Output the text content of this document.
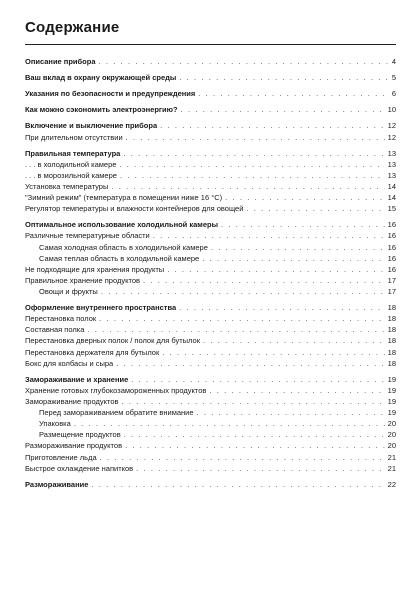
Содержание
Описание прибора . . .	4
Ваш вклад в охрану окружающей среды . . .	5
Указания по безопасности и предупреждения . . .	6
Как можно сэкономить электроэнергию? . . .	10
Включение и выключение прибора . . .	12
При длительном отсутствии . . .	12
Правильная температура . . .	13
. . . в холодильной камере . . .	13
. . . в морозильной камере . . .	13
Установка температуры . . .	14
"Зимний режим" (температура в помещении ниже 16 °C) . . .	14
Регулятор температуры и влажности контейнеров для овощей . . .	15
Оптимальное использование холодильной камеры . . .	16
Различные температурные области . . .	16
Самая холодная область в холодильной камере . . .	16
Самая теплая область в холодильной камере . . .	16
Не подходящие для хранения продукты . . .	16
Правильное хранение продуктов . . .	17
Овощи и фрукты . . .	17
Оформление внутреннего пространства . . .	18
Перестановка полок . . .	18
Составная полка . . .	18
Перестановка дверных полок / полок для бутылок . . .	18
Перестановка держателя для бутылок . . .	18
Бокс для колбасы и сыра . . .	18
Замораживание и хранение . . .	19
Хранение готовых глубокозамороженных продуктов . . .	19
Замораживание продуктов . . .	19
Перед замораживанием обратите внимание . . .	19
Упаковка . . .	20
Размещение продуктов . . .	20
Размораживание продуктов . . .	20
Приготовление льда . . .	21
Быстрое охлаждение напитков . . .	21
Размораживание . . .	22
